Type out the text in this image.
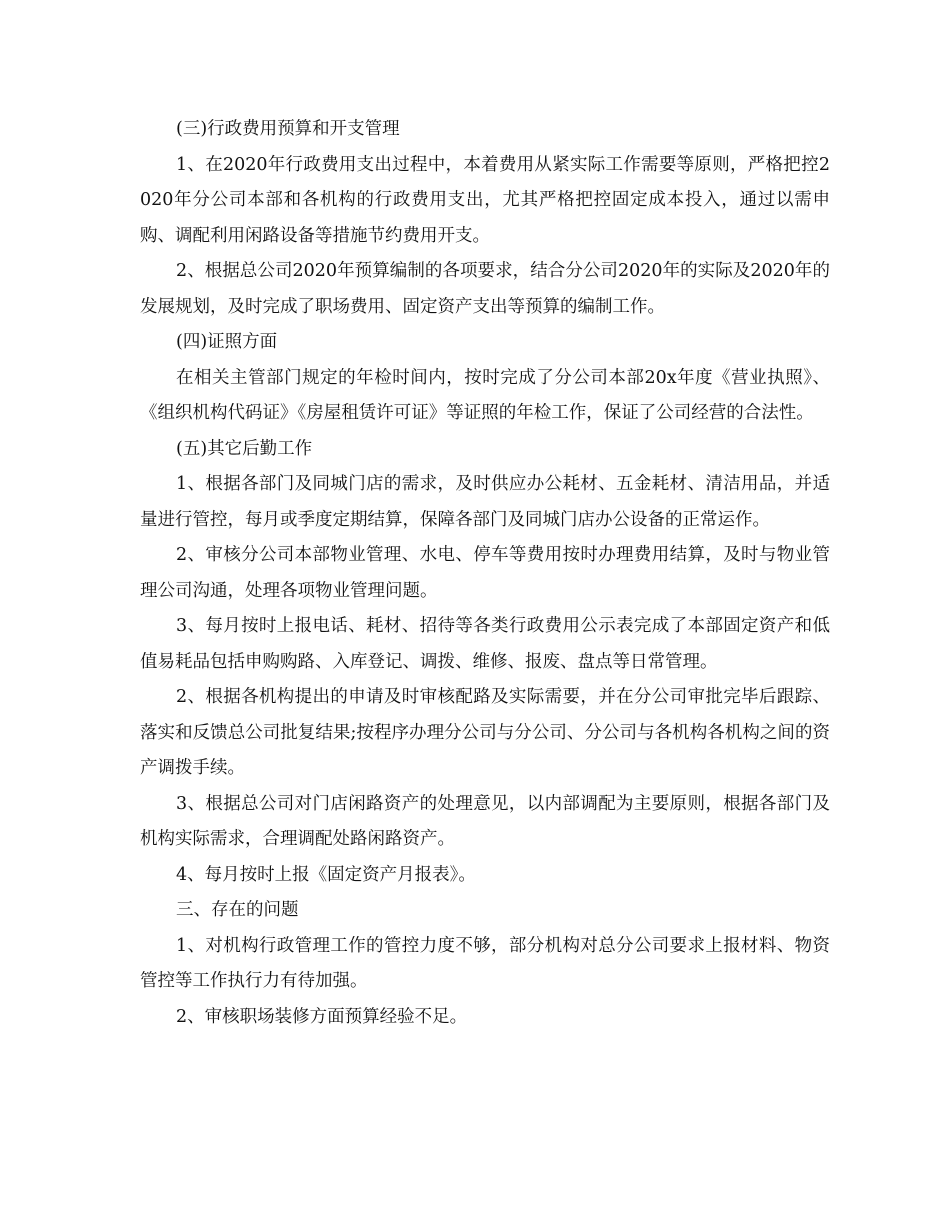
(三)行政费用预算和开支管理

1、在2020年行政费用支出过程中，本着费用从紧实际工作需要等原则，严格把控2020年分公司本部和各机构的行政费用支出，尤其严格把控固定成本投入，通过以需申购、调配利用闲路设备等措施节约费用开支。

2、根据总公司2020年预算编制的各项要求，结合分公司2020年的实际及2020年的发展规划，及时完成了职场费用、固定资产支出等预算的编制工作。

(四)证照方面

在相关主管部门规定的年检时间内，按时完成了分公司本部20x年度《营业执照》、《组织机构代码证》《房屋租赁许可证》等证照的年检工作，保证了公司经营的合法性。

(五)其它后勤工作

1、根据各部门及同城门店的需求，及时供应办公耗材、五金耗材、清洁用品，并适量进行管控，每月或季度定期结算，保障各部门及同城门店办公设备的正常运作。

2、审核分公司本部物业管理、水电、停车等费用按时办理费用结算，及时与物业管理公司沟通，处理各项物业管理问题。

3、每月按时上报电话、耗材、招待等各类行政费用公示表完成了本部固定资产和低值易耗品包括申购购路、入库登记、调拨、维修、报废、盘点等日常管理。

2、根据各机构提出的申请及时审核配路及实际需要，并在分公司审批完毕后跟踪、落实和反馈总公司批复结果;按程序办理分公司与分公司、分公司与各机构各机构之间的资产调拨手续。

3、根据总公司对门店闲路资产的处理意见，以内部调配为主要原则，根据各部门及机构实际需求，合理调配处路闲路资产。

4、每月按时上报《固定资产月报表》。

三、存在的问题

1、对机构行政管理工作的管控力度不够，部分机构对总分公司要求上报材料、物资管控等工作执行力有待加强。

2、审核职场装修方面预算经验不足。
